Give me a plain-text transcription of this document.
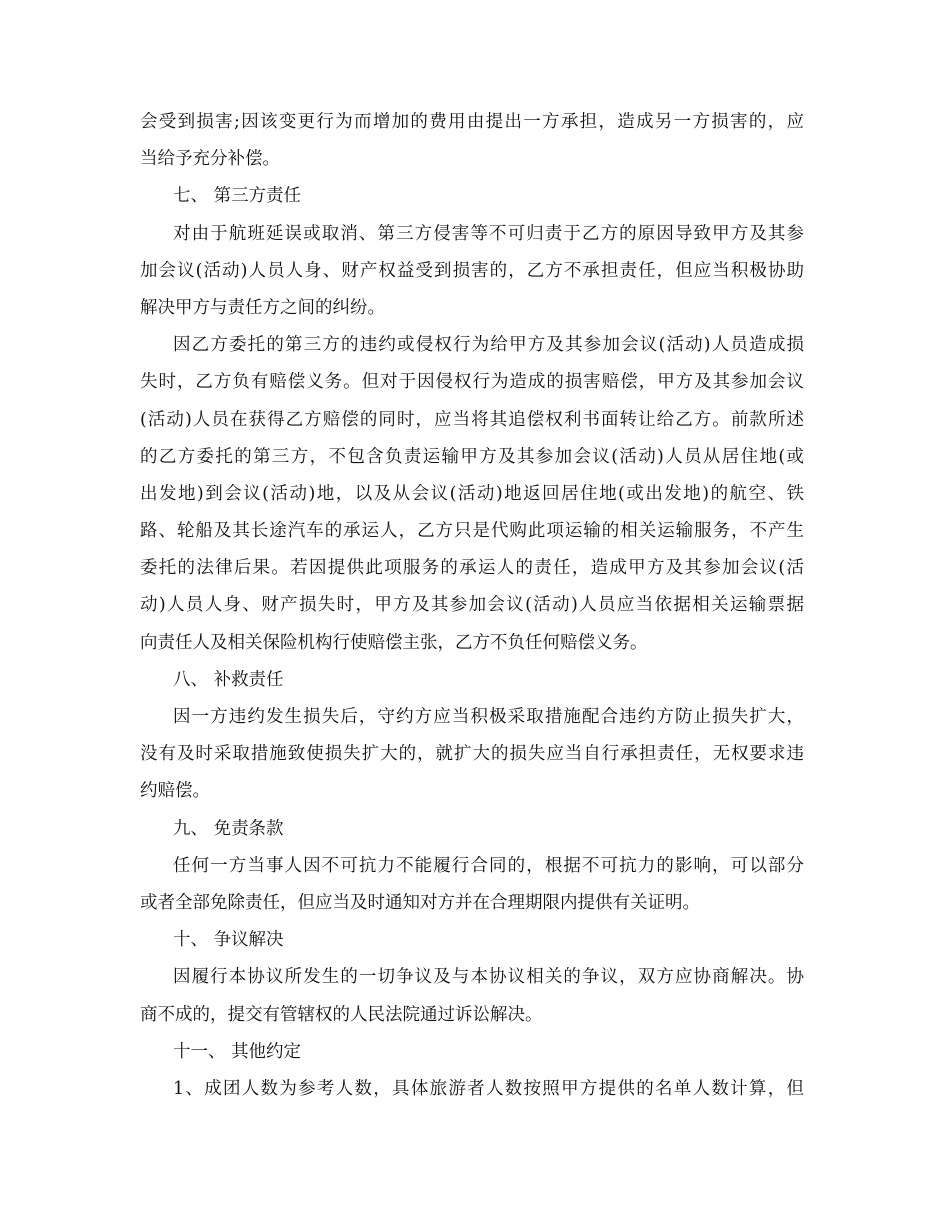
会受到损害;因该变更行为而增加的费用由提出一方承担，造成另一方损害的，应
当给予充分补偿。
七、 第三方责任
对由于航班延误或取消、第三方侵害等不可归责于乙方的原因导致甲方及其参
加会议(活动)人员人身、财产权益受到损害的，乙方不承担责任，但应当积极协助
解决甲方与责任方之间的纠纷。
因乙方委托的第三方的违约或侵权行为给甲方及其参加会议(活动)人员造成损
失时，乙方负有赔偿义务。但对于因侵权行为造成的损害赔偿，甲方及其参加会议
(活动)人员在获得乙方赔偿的同时，应当将其追偿权利书面转让给乙方。前款所述
的乙方委托的第三方，不包含负责运输甲方及其参加会议(活动)人员从居住地(或
出发地)到会议(活动)地，以及从会议(活动)地返回居住地(或出发地)的航空、铁
路、轮船及其长途汽车的承运人，乙方只是代购此项运输的相关运输服务，不产生
委托的法律后果。若因提供此项服务的承运人的责任，造成甲方及其参加会议(活
动)人员人身、财产损失时，甲方及其参加会议(活动)人员应当依据相关运输票据
向责任人及相关保险机构行使赔偿主张，乙方不负任何赔偿义务。
八、 补救责任
因一方违约发生损失后，守约方应当积极采取措施配合违约方防止损失扩大，
没有及时采取措施致使损失扩大的，就扩大的损失应当自行承担责任，无权要求违
约赔偿。
九、 免责条款
任何一方当事人因不可抗力不能履行合同的，根据不可抗力的影响，可以部分
或者全部免除责任，但应当及时通知对方并在合理期限内提供有关证明。
十、 争议解决
因履行本协议所发生的一切争议及与本协议相关的争议，双方应协商解决。协
商不成的，提交有管辖权的人民法院通过诉讼解决。
十一、 其他约定
1、成团人数为参考人数，具体旅游者人数按照甲方提供的名单人数计算，但
